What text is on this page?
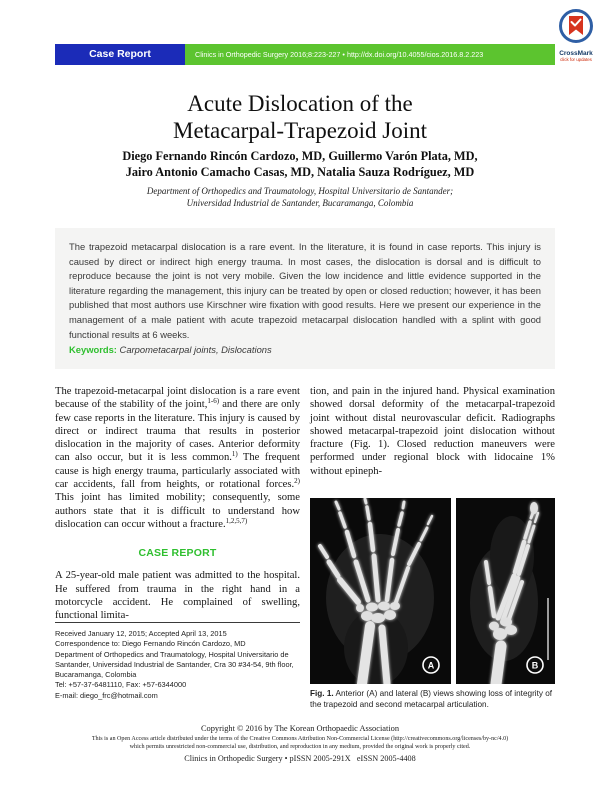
Case Report	Clinics in Orthopedic Surgery 2016;8:223-227 • http://dx.doi.org/10.4055/cios.2016.8.2.223	CrossMark
click for updates
Acute Dislocation of the
Metacarpal-Trapezoid Joint
Diego Fernando Rincón Cardozo, MD, Guillermo Varón Plata, MD,
Jairo Antonio Camacho Casas, MD, Natalia Sauza Rodríguez, MD
Department of Orthopedics and Traumatology, Hospital Universitario de Santander;
Universidad Industrial de Santander, Bucaramanga, Colombia
The trapezoid metacarpal dislocation is a rare event. In the literature, it is found in case reports. This injury is caused by direct or indirect high energy trauma. In most cases, the dislocation is dorsal and is difficult to reproduce because the joint is not very mobile. Given the low incidence and little evidence supported in the literature regarding the management, this injury can be treated by open or closed reduction; however, it has been published that most authors use Kirschner wire fixation with good results. Here we present our experience in the management of a male patient with acute trapezoid metacarpal dislocation handled with a splint with good functional results at 6 weeks.
Keywords: Carpometacarpal joints, Dislocations

The trapezoid-metacarpal joint dislocation is a rare event because of the stability of the joint,$^{1-6)}$ and there are only few case reports in the literature. This injury is caused by direct or indirect trauma that results in posterior dislocation in the majority of cases. Anterior deformity can also occur, but it is less common.$^{1)}$ The frequent cause is high energy trauma, particularly associated with car accidents, fall from heights, or rotational forces.$^{2)}$ This joint has limited mobility; consequently, some authors state that it is difficult to understand how dislocation can occur without a fracture.$^{1,2,5,7)}$

CASE REPORT

A 25-year-old male patient was admitted to the hospital. He suffered from trauma in the right hand in a motorcycle accident. He complained of swelling, functional limita-

tion, and pain in the injured hand. Physical examination showed dorsal deformity of the metacarpal-trapezoid joint without distal neurovascular deficit. Radiographs showed metacarpal-trapezoid joint dislocation without fracture (Fig. 1). Closed reduction maneuvers were performed under regional block with lidocaine 1% without epineph-

A	B
Fig. 1. Anterior (A) and lateral (B) views showing loss of integrity of the trapezoid and second metacarpal articulation.
Received January 12, 2015; Accepted April 13, 2015
Correspondence to: Diego Fernando Rincón Cardozo, MD
Department of Orthopedics and Traumatology, Hospital Universitario de Santander, Universidad Industrial de Santander, Cra 30 #34-54, 9th floor, Bucaramanga, Colombia
Tel: +57-37-6481110, Fax: +57-6344000
E-mail: diego_frc@hotmail.com
Copyright © 2016 by The Korean Orthopaedic Association
This is an Open Access article distributed under the terms of the Creative Commons Attribution Non-Commercial License (http://creativecommons.org/licenses/by-nc/4.0)
which permits unrestricted non-commercial use, distribution, and reproduction in any medium, provided the original work is properly cited.
Clinics in Orthopedic Surgery • pISSN 2005-291X   eISSN 2005-4408
